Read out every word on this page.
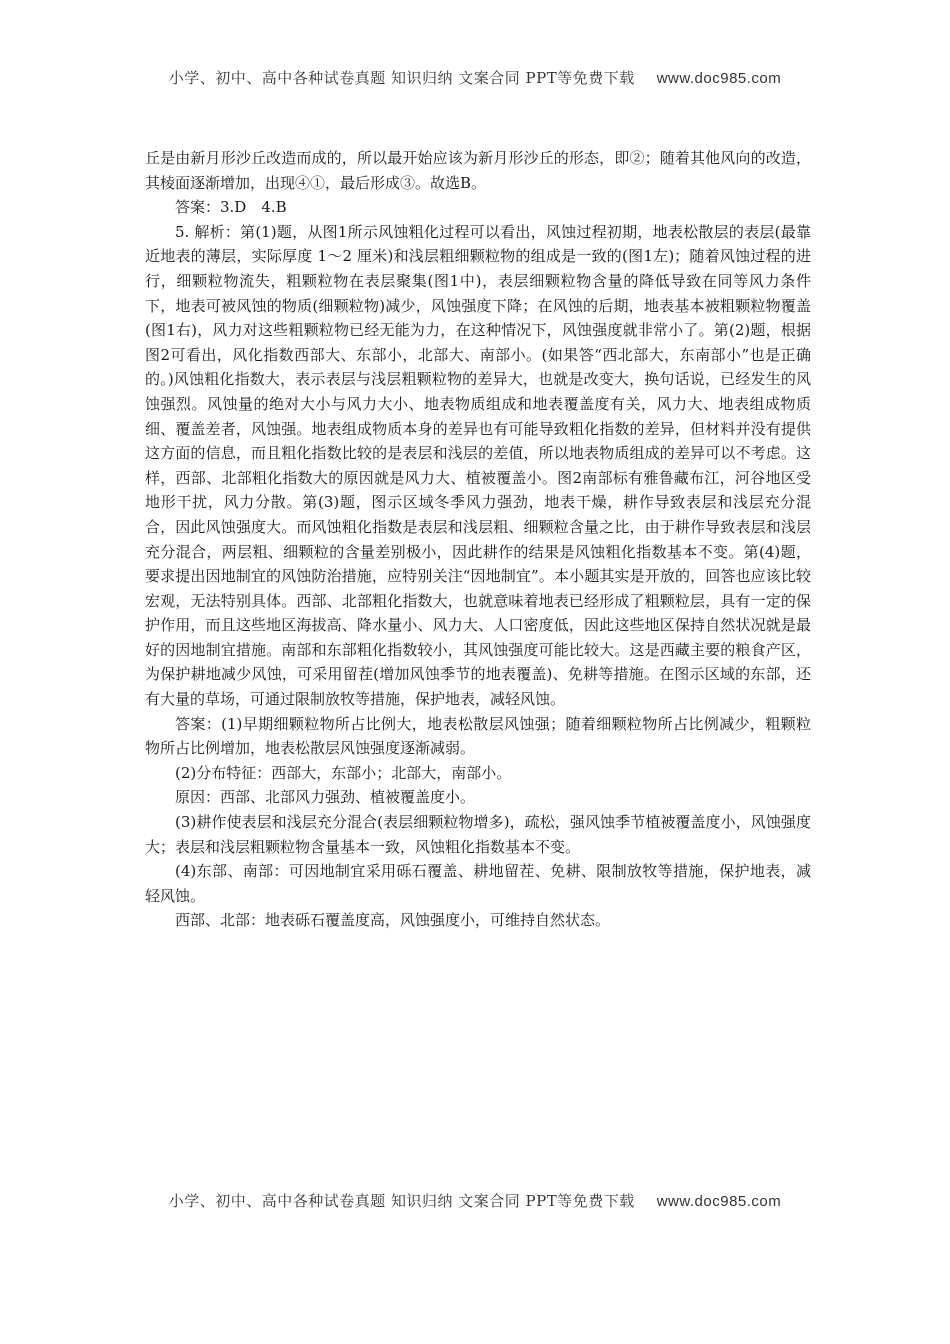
小学、初中、高中各种试卷真题 知识归纳 文案合同 PPT等免费下载 www.doc985.com

丘是由新月形沙丘改造而成的，所以最开始应该为新月形沙丘的形态，即②；随着其他风向的改造，其棱面逐渐增加，出现④①，最后形成③。故选B。

答案：3.D　4.B

5. 解析：第(1)题，从图1所示风蚀粗化过程可以看出，风蚀过程初期，地表松散层的表层(最靠近地表的薄层，实际厚度 1～2 厘米)和浅层粗细颗粒物的组成是一致的(图1左)；随着风蚀过程的进行，细颗粒物流失，粗颗粒物在表层聚集(图1中)，表层细颗粒物含量的降低导致在同等风力条件下，地表可被风蚀的物质(细颗粒物)减少，风蚀强度下降；在风蚀的后期，地表基本被粗颗粒物覆盖(图1右)，风力对这些粗颗粒物已经无能为力，在这种情况下，风蚀强度就非常小了。第(2)题，根据图2可看出，风化指数西部大、东部小，北部大、南部小。(如果答“西北部大，东南部小”也是正确的。)风蚀粗化指数大，表示表层与浅层粗颗粒物的差异大，也就是改变大，换句话说，已经发生的风蚀强烈。风蚀量的绝对大小与风力大小、地表物质组成和地表覆盖度有关，风力大、地表组成物质细、覆盖差者，风蚀强。地表组成物质本身的差异也有可能导致粗化指数的差异，但材料并没有提供这方面的信息，而且粗化指数比较的是表层和浅层的差值，所以地表物质组成的差异可以不考虑。这样，西部、北部粗化指数大的原因就是风力大、植被覆盖小。图2南部标有雅鲁藏布江，河谷地区受地形干扰，风力分散。第(3)题，图示区域冬季风力强劲，地表干燥，耕作导致表层和浅层充分混合，因此风蚀强度大。而风蚀粗化指数是表层和浅层粗、细颗粒含量之比，由于耕作导致表层和浅层充分混合，两层粗、细颗粒的含量差别极小，因此耕作的结果是风蚀粗化指数基本不变。第(4)题，要求提出因地制宜的风蚀防治措施，应特别关注“因地制宜”。本小题其实是开放的，回答也应该比较宏观，无法特别具体。西部、北部粗化指数大，也就意味着地表已经形成了粗颗粒层，具有一定的保护作用，而且这些地区海拔高、降水量小、风力大、人口密度低，因此这些地区保持自然状况就是最好的因地制宜措施。南部和东部粗化指数较小，其风蚀强度可能比较大。这是西藏主要的粮食产区，为保护耕地减少风蚀，可采用留茬(增加风蚀季节的地表覆盖)、免耕等措施。在图示区域的东部，还有大量的草场，可通过限制放牧等措施，保护地表，减轻风蚀。

答案：(1)早期细颗粒物所占比例大，地表松散层风蚀强；随着细颗粒物所占比例减少，粗颗粒物所占比例增加，地表松散层风蚀强度逐渐减弱。

(2)分布特征：西部大，东部小；北部大，南部小。

原因：西部、北部风力强劲、植被覆盖度小。

(3)耕作使表层和浅层充分混合(表层细颗粒物增多)，疏松，强风蚀季节植被覆盖度小，风蚀强度大；表层和浅层粗颗粒物含量基本一致，风蚀粗化指数基本不变。

(4)东部、南部：可因地制宜采用砾石覆盖、耕地留茬、免耕、限制放牧等措施，保护地表，减轻风蚀。

西部、北部：地表砾石覆盖度高，风蚀强度小，可维持自然状态。

小学、初中、高中各种试卷真题 知识归纳 文案合同 PPT等免费下载 www.doc985.com
